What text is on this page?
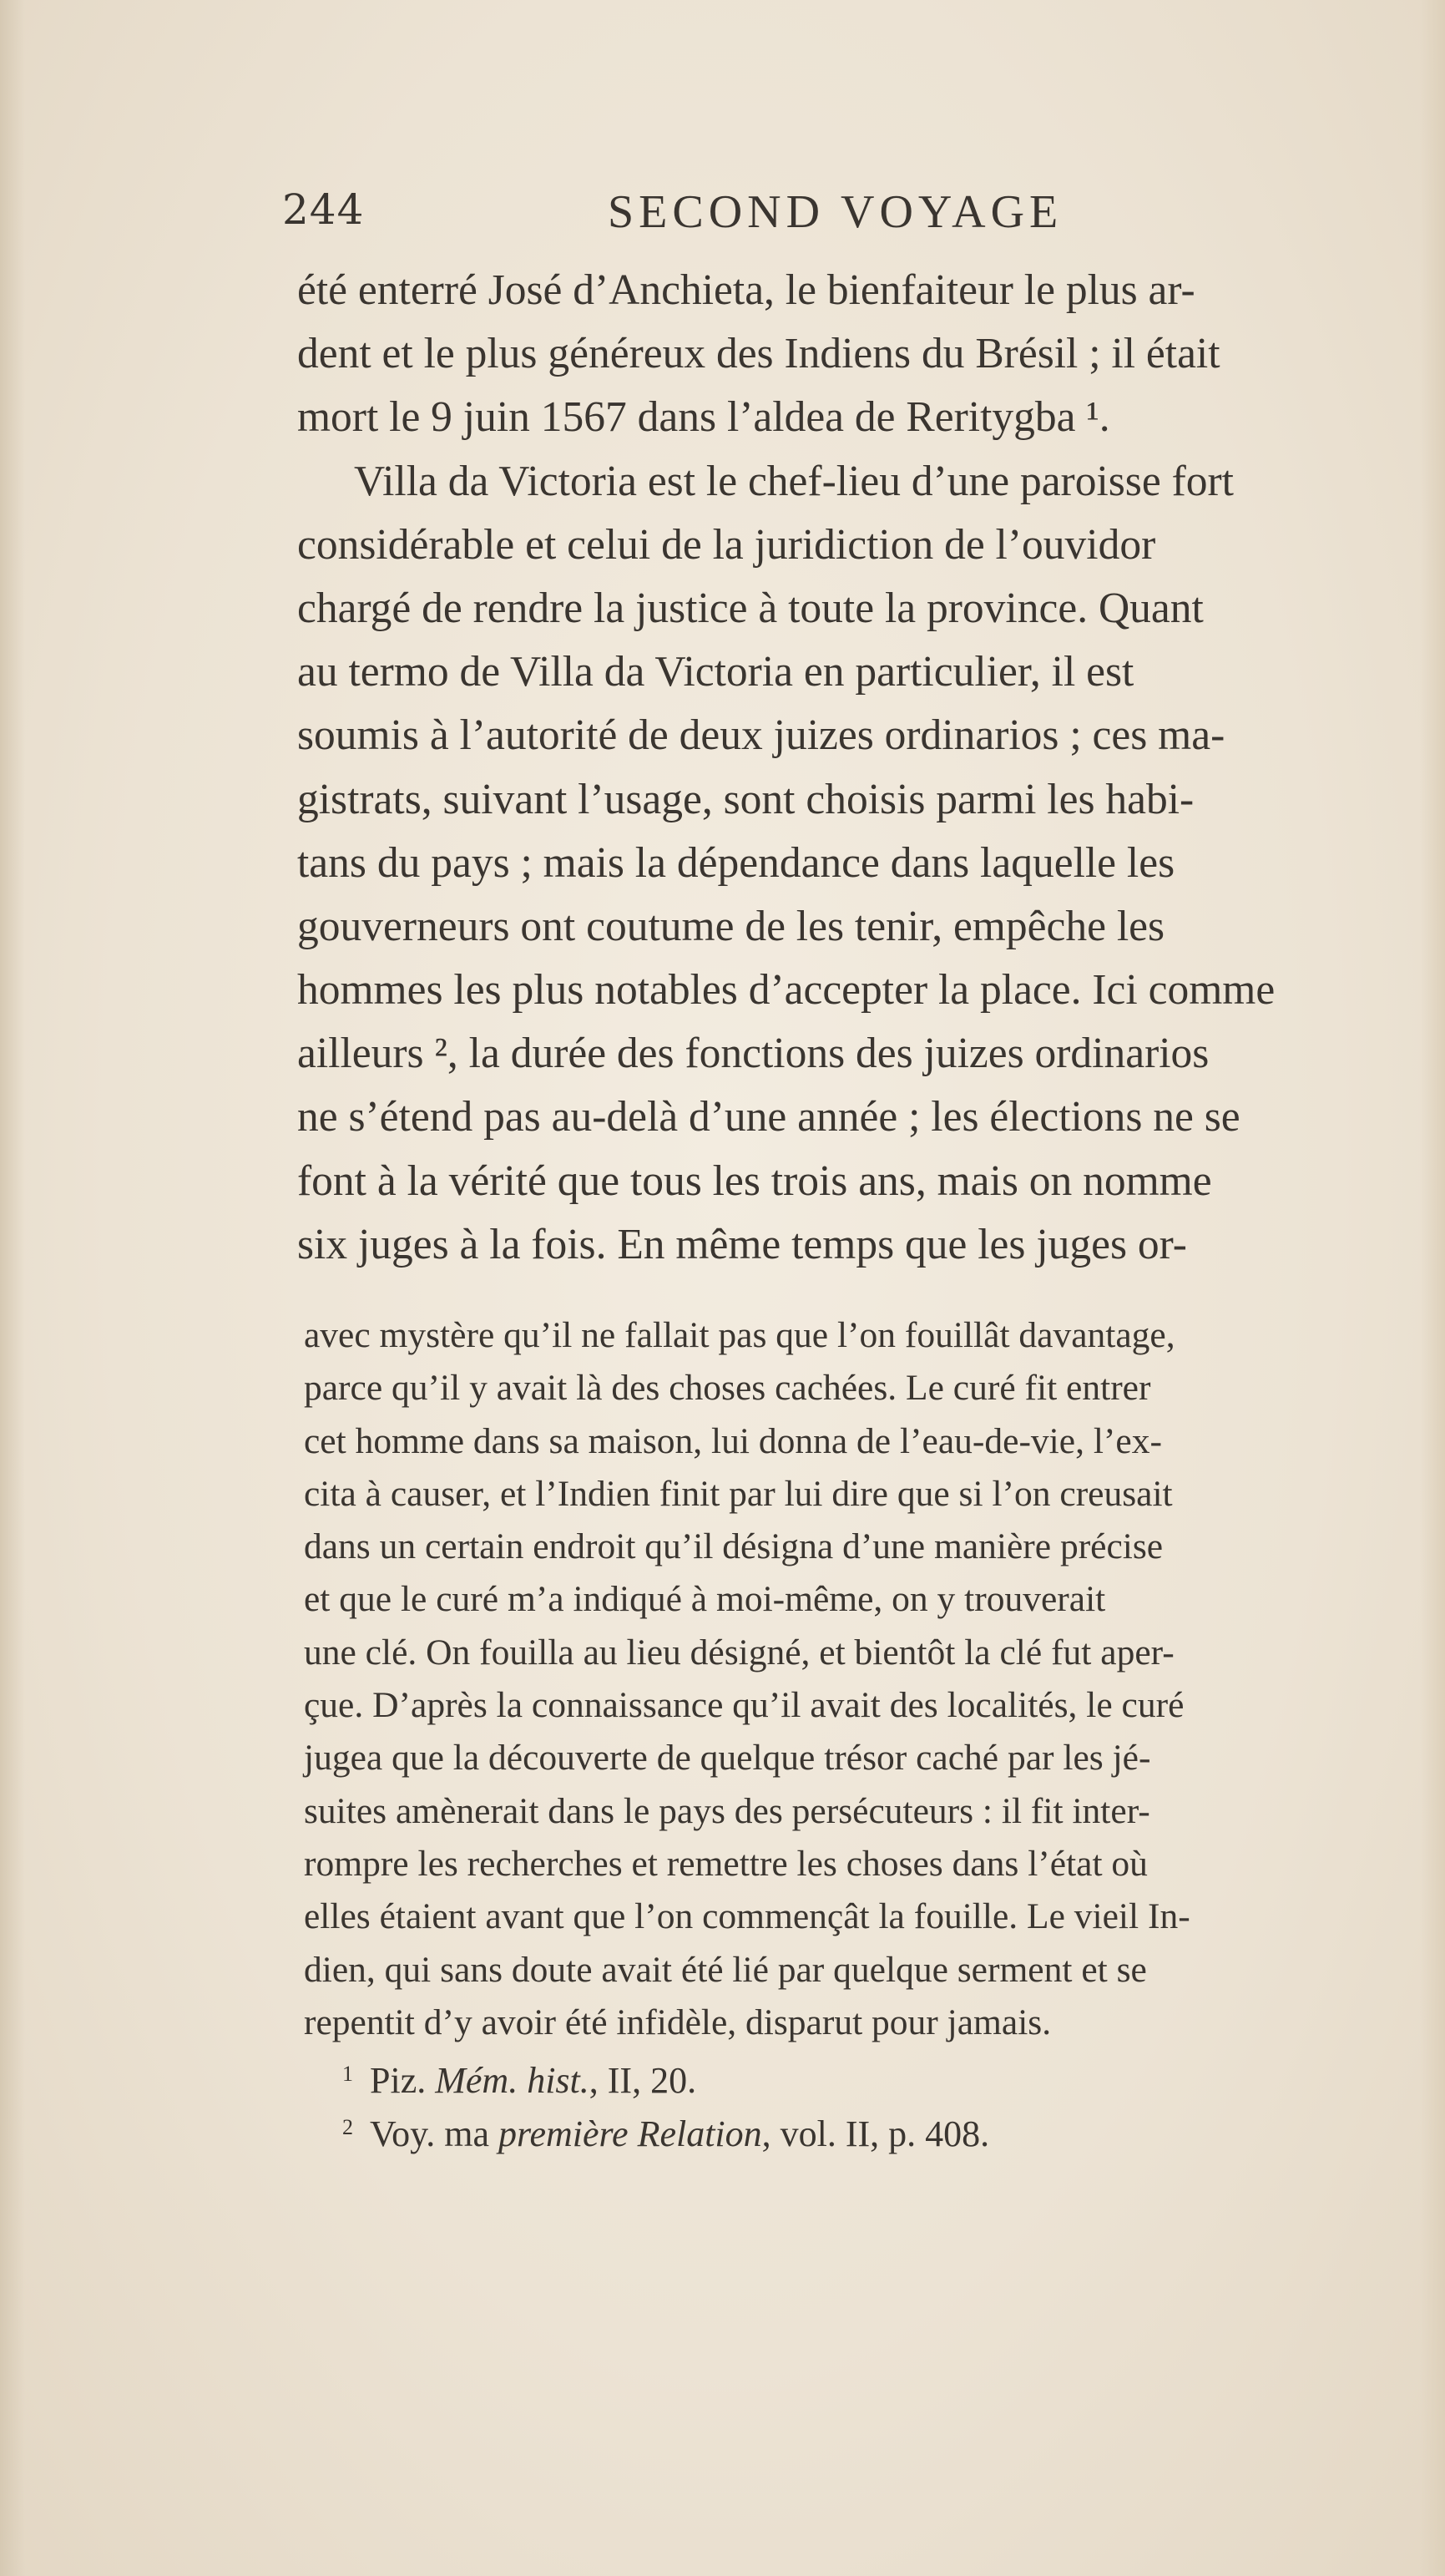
244	SECOND VOYAGE
été enterré José d’Anchieta, le bienfaiteur le plus ar-
dent et le plus généreux des Indiens du Brésil ; il était
mort le 9 juin 1567 dans l’aldea de Reritygba ¹.
Villa da Victoria est le chef-lieu d’une paroisse fort
considérable et celui de la juridiction de l’ouvidor
chargé de rendre la justice à toute la province. Quant
au termo de Villa da Victoria en particulier, il est
soumis à l’autorité de deux juizes ordinarios ; ces ma-
gistrats, suivant l’usage, sont choisis parmi les habi-
tans du pays ; mais la dépendance dans laquelle les
gouverneurs ont coutume de les tenir, empêche les
hommes les plus notables d’accepter la place. Ici comme
ailleurs ², la durée des fonctions des juizes ordinarios
ne s’étend pas au-delà d’une année ; les élections ne se
font à la vérité que tous les trois ans, mais on nomme
six juges à la fois. En même temps que les juges or-
avec mystère qu’il ne fallait pas que l’on fouillât davantage,
parce qu’il y avait là des choses cachées. Le curé fit entrer
cet homme dans sa maison, lui donna de l’eau-de-vie, l’ex-
cita à causer, et l’Indien finit par lui dire que si l’on creusait
dans un certain endroit qu’il désigna d’une manière précise
et que le curé m’a indiqué à moi-même, on y trouverait
une clé. On fouilla au lieu désigné, et bientôt la clé fut aper-
çue. D’après la connaissance qu’il avait des localités, le curé
jugea que la découverte de quelque trésor caché par les jé-
suites amènerait dans le pays des persécuteurs : il fit inter-
rompre les recherches et remettre les choses dans l’état où
elles étaient avant que l’on commençât la fouille. Le vieil In-
dien, qui sans doute avait été lié par quelque serment et se
repentit d’y avoir été infidèle, disparut pour jamais.
$^1$ Piz. Mém. hist., II, 20.
$^2$ Voy. ma première Relation, vol. II, p. 408.
